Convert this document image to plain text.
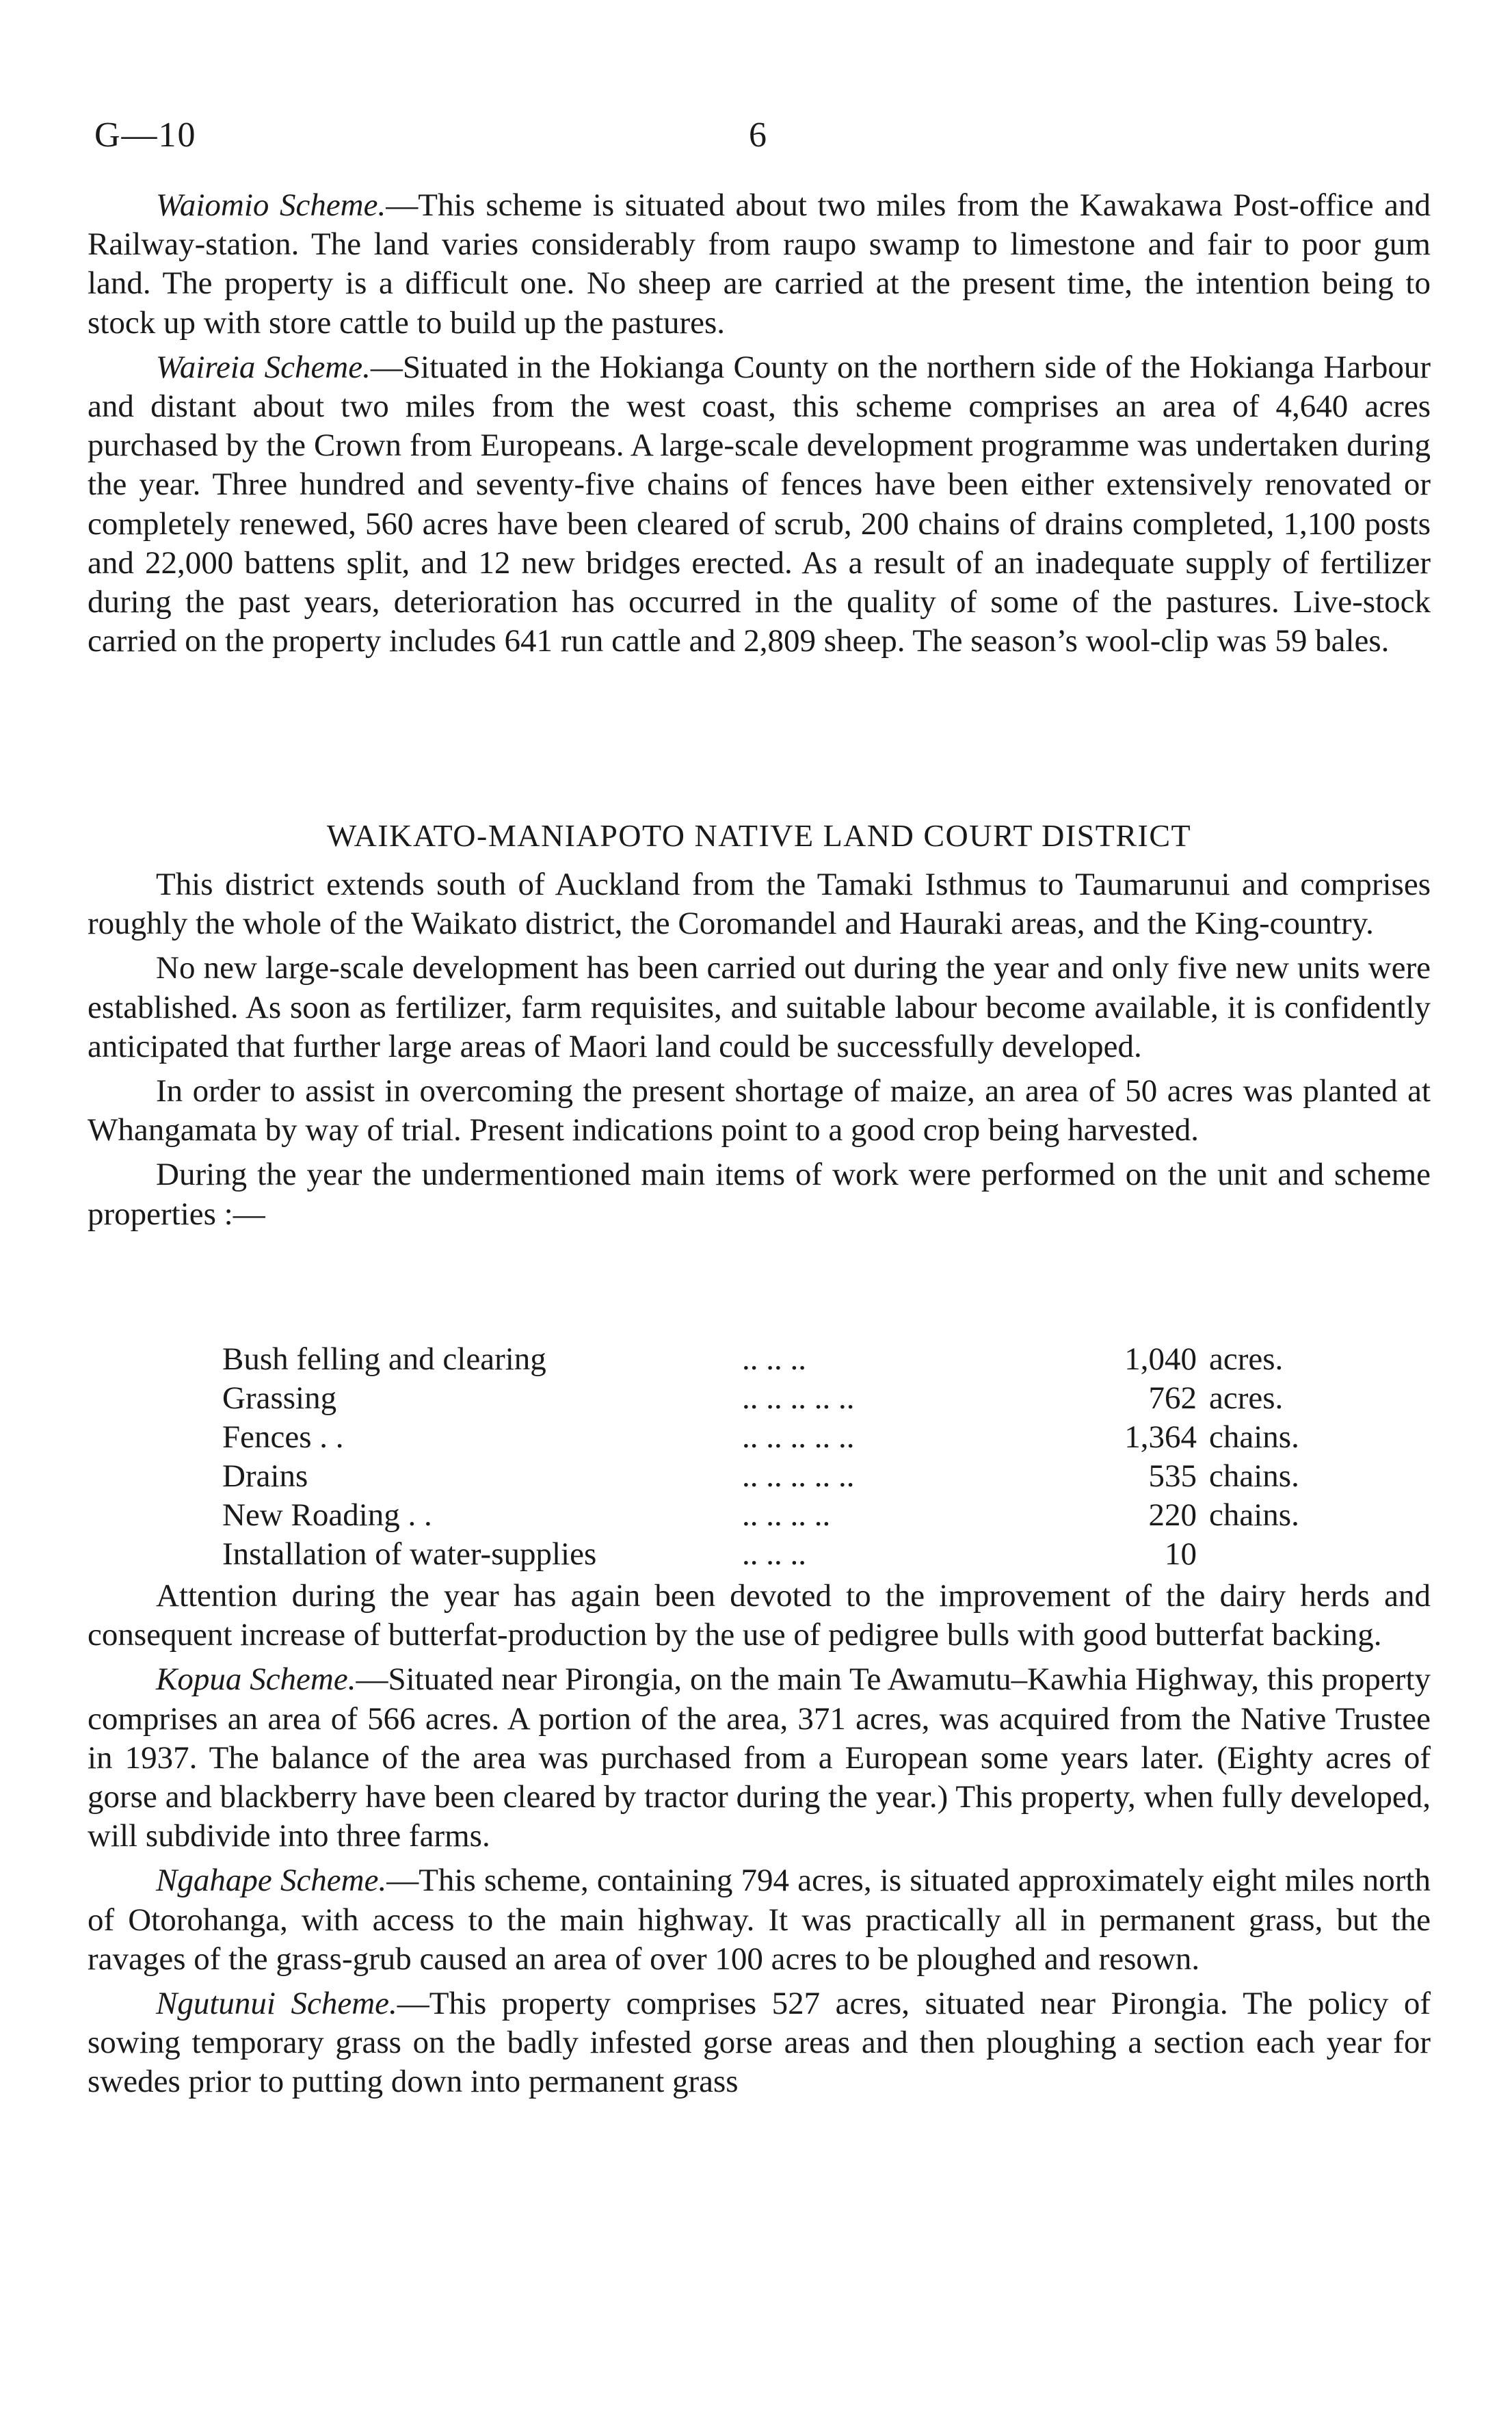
G—10	6

Waiomio Scheme.—This scheme is situated about two miles from the Kawakawa Post-office and Railway-station. The land varies considerably from raupo swamp to limestone and fair to poor gum land. The property is a difficult one. No sheep are carried at the present time, the intention being to stock up with store cattle to build up the pastures.

Waireia Scheme.—Situated in the Hokianga County on the northern side of the Hokianga Harbour and distant about two miles from the west coast, this scheme comprises an area of 4,640 acres purchased by the Crown from Europeans. A large-scale development programme was undertaken during the year. Three hundred and seventy-five chains of fences have been either extensively renovated or completely renewed, 560 acres have been cleared of scrub, 200 chains of drains completed, 1,100 posts and 22,000 battens split, and 12 new bridges erected. As a result of an inadequate supply of fertilizer during the past years, deterioration has occurred in the quality of some of the pastures. Live-stock carried on the property includes 641 run cattle and 2,809 sheep. The season’s wool-clip was 59 bales.

WAIKATO-MANIAPOTO NATIVE LAND COURT DISTRICT

This district extends south of Auckland from the Tamaki Isthmus to Taumarunui and comprises roughly the whole of the Waikato district, the Coromandel and Hauraki areas, and the King-country.

No new large-scale development has been carried out during the year and only five new units were established. As soon as fertilizer, farm requisites, and suitable labour become available, it is confidently anticipated that further large areas of Maori land could be successfully developed.

In order to assist in overcoming the present shortage of maize, an area of 50 acres was planted at Whangamata by way of trial. Present indications point to a good crop being harvested.

During the year the undermentioned main items of work were performed on the unit and scheme properties :—

Bush felling and clearing	.. .. ..	1,040	acres.
Grassing	.. .. .. .. ..	762	acres.
Fences . .	.. .. .. .. ..	1,364	chains.
Drains	.. .. .. .. ..	535	chains.
New Roading . .	.. .. .. ..	220	chains.
Installation of water-supplies	.. .. ..	10	

Attention during the year has again been devoted to the improvement of the dairy herds and consequent increase of butterfat-production by the use of pedigree bulls with good butterfat backing.

Kopua Scheme.—Situated near Pirongia, on the main Te Awamutu–Kawhia Highway, this property comprises an area of 566 acres. A portion of the area, 371 acres, was acquired from the Native Trustee in 1937. The balance of the area was purchased from a European some years later. (Eighty acres of gorse and blackberry have been cleared by tractor during the year.) This property, when fully developed, will subdivide into three farms.

Ngahape Scheme.—This scheme, containing 794 acres, is situated approximately eight miles north of Otorohanga, with access to the main highway. It was practically all in permanent grass, but the ravages of the grass-grub caused an area of over 100 acres to be ploughed and resown.

Ngutunui Scheme.—This property comprises 527 acres, situated near Pirongia. The policy of sowing temporary grass on the badly infested gorse areas and then ploughing a section each year for swedes prior to putting down into permanent grass
